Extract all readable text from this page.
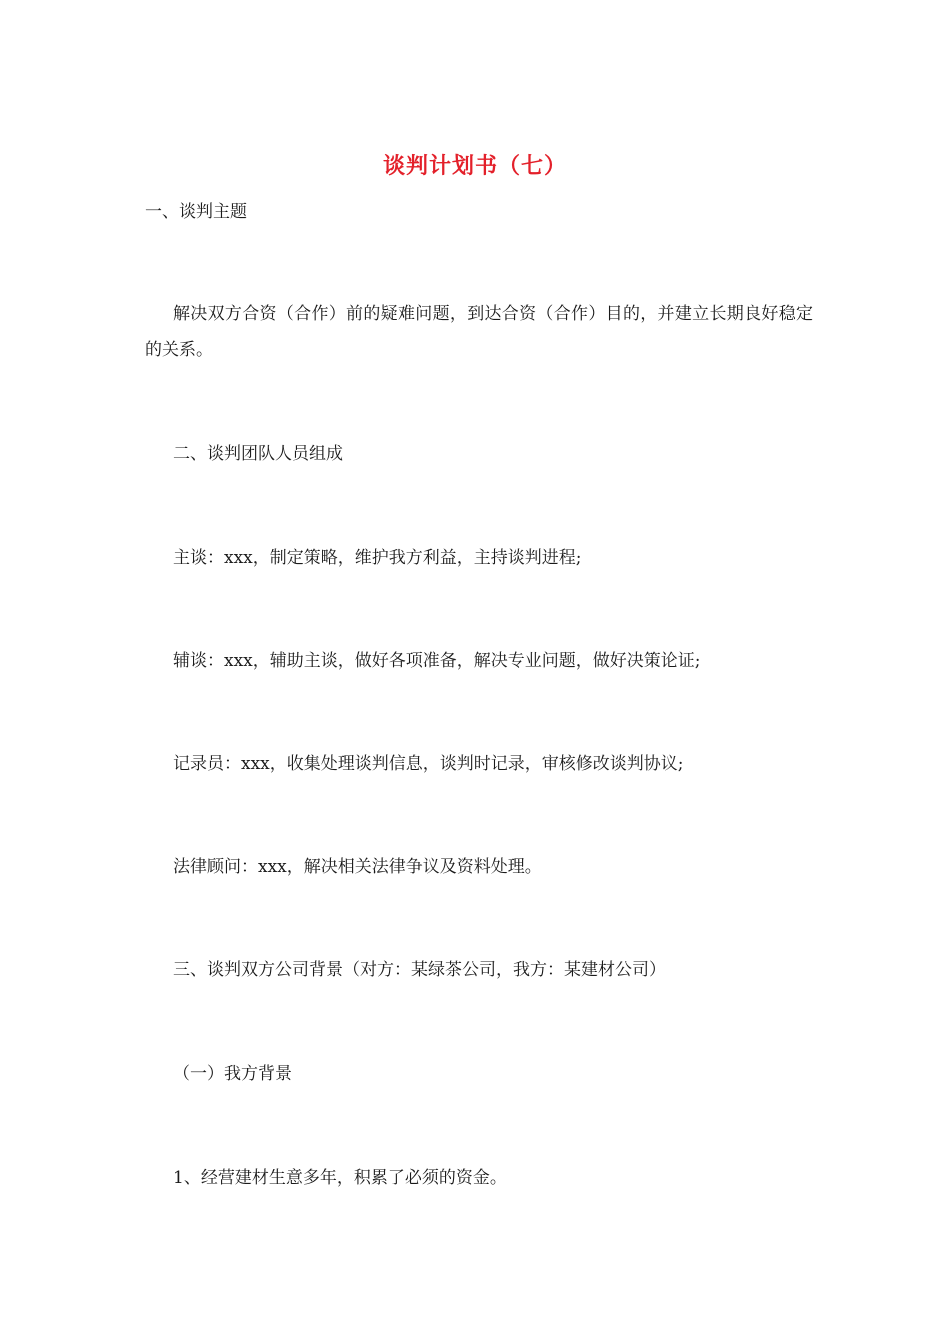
谈判计划书（七）

一、谈判主题

解决双方合资（合作）前的疑难问题，到达合资（合作）目的，并建立长期良好稳定的关系。

二、谈判团队人员组成

主谈：xxx，制定策略，维护我方利益，主持谈判进程;

辅谈：xxx，辅助主谈，做好各项准备，解决专业问题，做好决策论证;

记录员：xxx，收集处理谈判信息，谈判时记录，审核修改谈判协议;

法律顾问：xxx，解决相关法律争议及资料处理。

三、谈判双方公司背景（对方：某绿茶公司，我方：某建材公司）

（一）我方背景

1、经营建材生意多年，积累了必须的资金。
